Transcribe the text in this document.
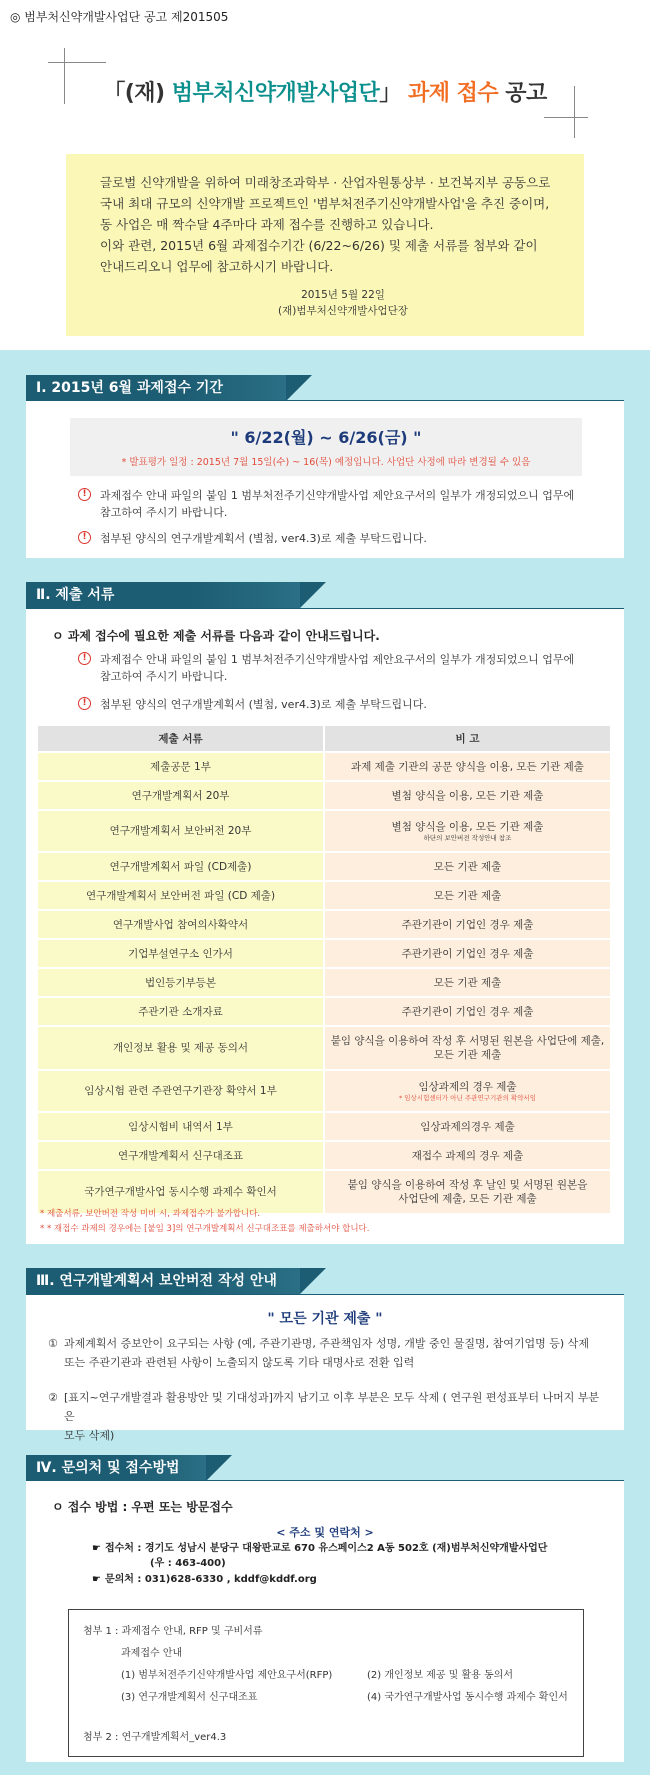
◎ 범부처신약개발사업단 공고 제201505
「(재) 범부처신약개발사업단」 과제 접수 공고
글로벌 신약개발을 위하여 미래창조과학부 · 산업자원통상부 · 보건복지부 공동으로
국내 최대 규모의 신약개발 프로젝트인 '범부처전주기신약개발사업'을 추진 중이며,
동 사업은 매 짝수달 4주마다 과제 접수를 진행하고 있습니다.
이와 관련, 2015년 6월 과제접수기간 (6/22~6/26) 및 제출 서류를 첨부와 같이
안내드리오니 업무에 참고하시기 바랍니다.
2015년 5월 22일
(재)범부처신약개발사업단장
Ⅰ. 2015년 6월 과제접수 기간
" 6/22(월) ~ 6/26(금) "
* 발표평가 일정 : 2015년 7월 15일(수) ~ 16(목) 예정입니다. 사업단 사정에 따라 변경될 수 있음
!	과제접수 안내 파일의 붙임 1 범부처전주기신약개발사업 제안요구서의 일부가 개정되었으니 업무에
참고하여 주시기 바랍니다.
!	첨부된 양식의 연구개발계획서 (별첨, ver4.3)로 제출 부탁드립니다.
Ⅱ. 제출 서류
ㅇ 과제 접수에 필요한 제출 서류를 다음과 같이 안내드립니다.
!	과제접수 안내 파일의 붙임 1 범부처전주기신약개발사업 제안요구서의 일부가 개정되었으니 업무에
참고하여 주시기 바랍니다.
!	첨부된 양식의 연구개발계획서 (별첨, ver4.3)로 제출 부탁드립니다.
제출 서류	비 고
제출공문 1부	과제 제출 기관의 공문 양식을 이용, 모든 기관 제출
연구개발계획서 20부	별첨 양식을 이용, 모든 기관 제출
연구개발계획서 보안버전 20부	별첨 양식을 이용, 모든 기관 제출
하단의 보안버전 작성안내 참조

연구개발계획서 파일 (CD제출)	모든 기관 제출
연구개발계획서 보안버전 파일 (CD 제출)	모든 기관 제출
연구개발사업 참여의사확약서	주관기관이 기업인 경우 제출
기업부설연구소 인가서	주관기관이 기업인 경우 제출
법인등기부등본	모든 기관 제출
주관기관 소개자료	주관기관이 기업인 경우 제출
개인정보 활용 및 제공 동의서	붙임 양식을 이용하여 작성 후 서명된 원본을 사업단에 제출,
모든 기관 제출

임상시험 관련 주관연구기관장 확약서 1부	임상과제의 경우 제출
* 임상시험센터가 아닌 주관연구기관의 확약서임

임상시험비 내역서 1부	임상과제의경우 제출
연구개발계획서 신구대조표	재접수 과제의 경우 제출
국가연구개발사업 동시수행 과제수 확인서	붙임 양식을 이용하여 작성 후 날인 및 서명된 원본을
사업단에 제출, 모든 기관 제출
* 제출서류, 보안버전 작성 미비 시, 과제접수가 불가합니다.
* * 재접수 과제의 경우에는 [붙임 3]의 연구개발계획서 신구대조표를 제출하셔야 합니다.
Ⅲ. 연구개발계획서 보안버전 작성 안내
" 모든 기관 제출 "
① 과제계획서 증보안이 요구되는 사항 (예, 주관기관명, 주관책임자 성명, 개발 중인 물질명, 참여기업명 등) 삭제
또는 주관기관과 관련된 사항이 노출되지 않도록 기타 대명사로 전환 입력
② [표지~연구개발결과 활용방안 및 기대성과]까지 남기고 이후 부분은 모두 삭제 ( 연구원 편성표부터 나머지 부분은
모두 삭제)
Ⅳ. 문의처 및 접수방법
ㅇ 접수 방법 : 우편 또는 방문접수
< 주소 및 연락처 >
☛ 접수처 : 경기도 성남시 분당구 대왕판교로 670 유스페이스2 A동 502호 (재)범부처신약개발사업단
(우 : 463-400)
☛ 문의처 : 031)628-6330 , kddf@kddf.org
첨부 1 : 과제접수 안내, RFP 및 구비서류
과제접수 안내
(1) 범부처전주기신약개발사업 제안요구서(RFP)	(2) 개인정보 제공 및 활용 동의서
(3) 연구개발계획서 신구대조표	(4) 국가연구개발사업 동시수행 과제수 확인서
첨부 2 : 연구개발계획서_ver4.3
